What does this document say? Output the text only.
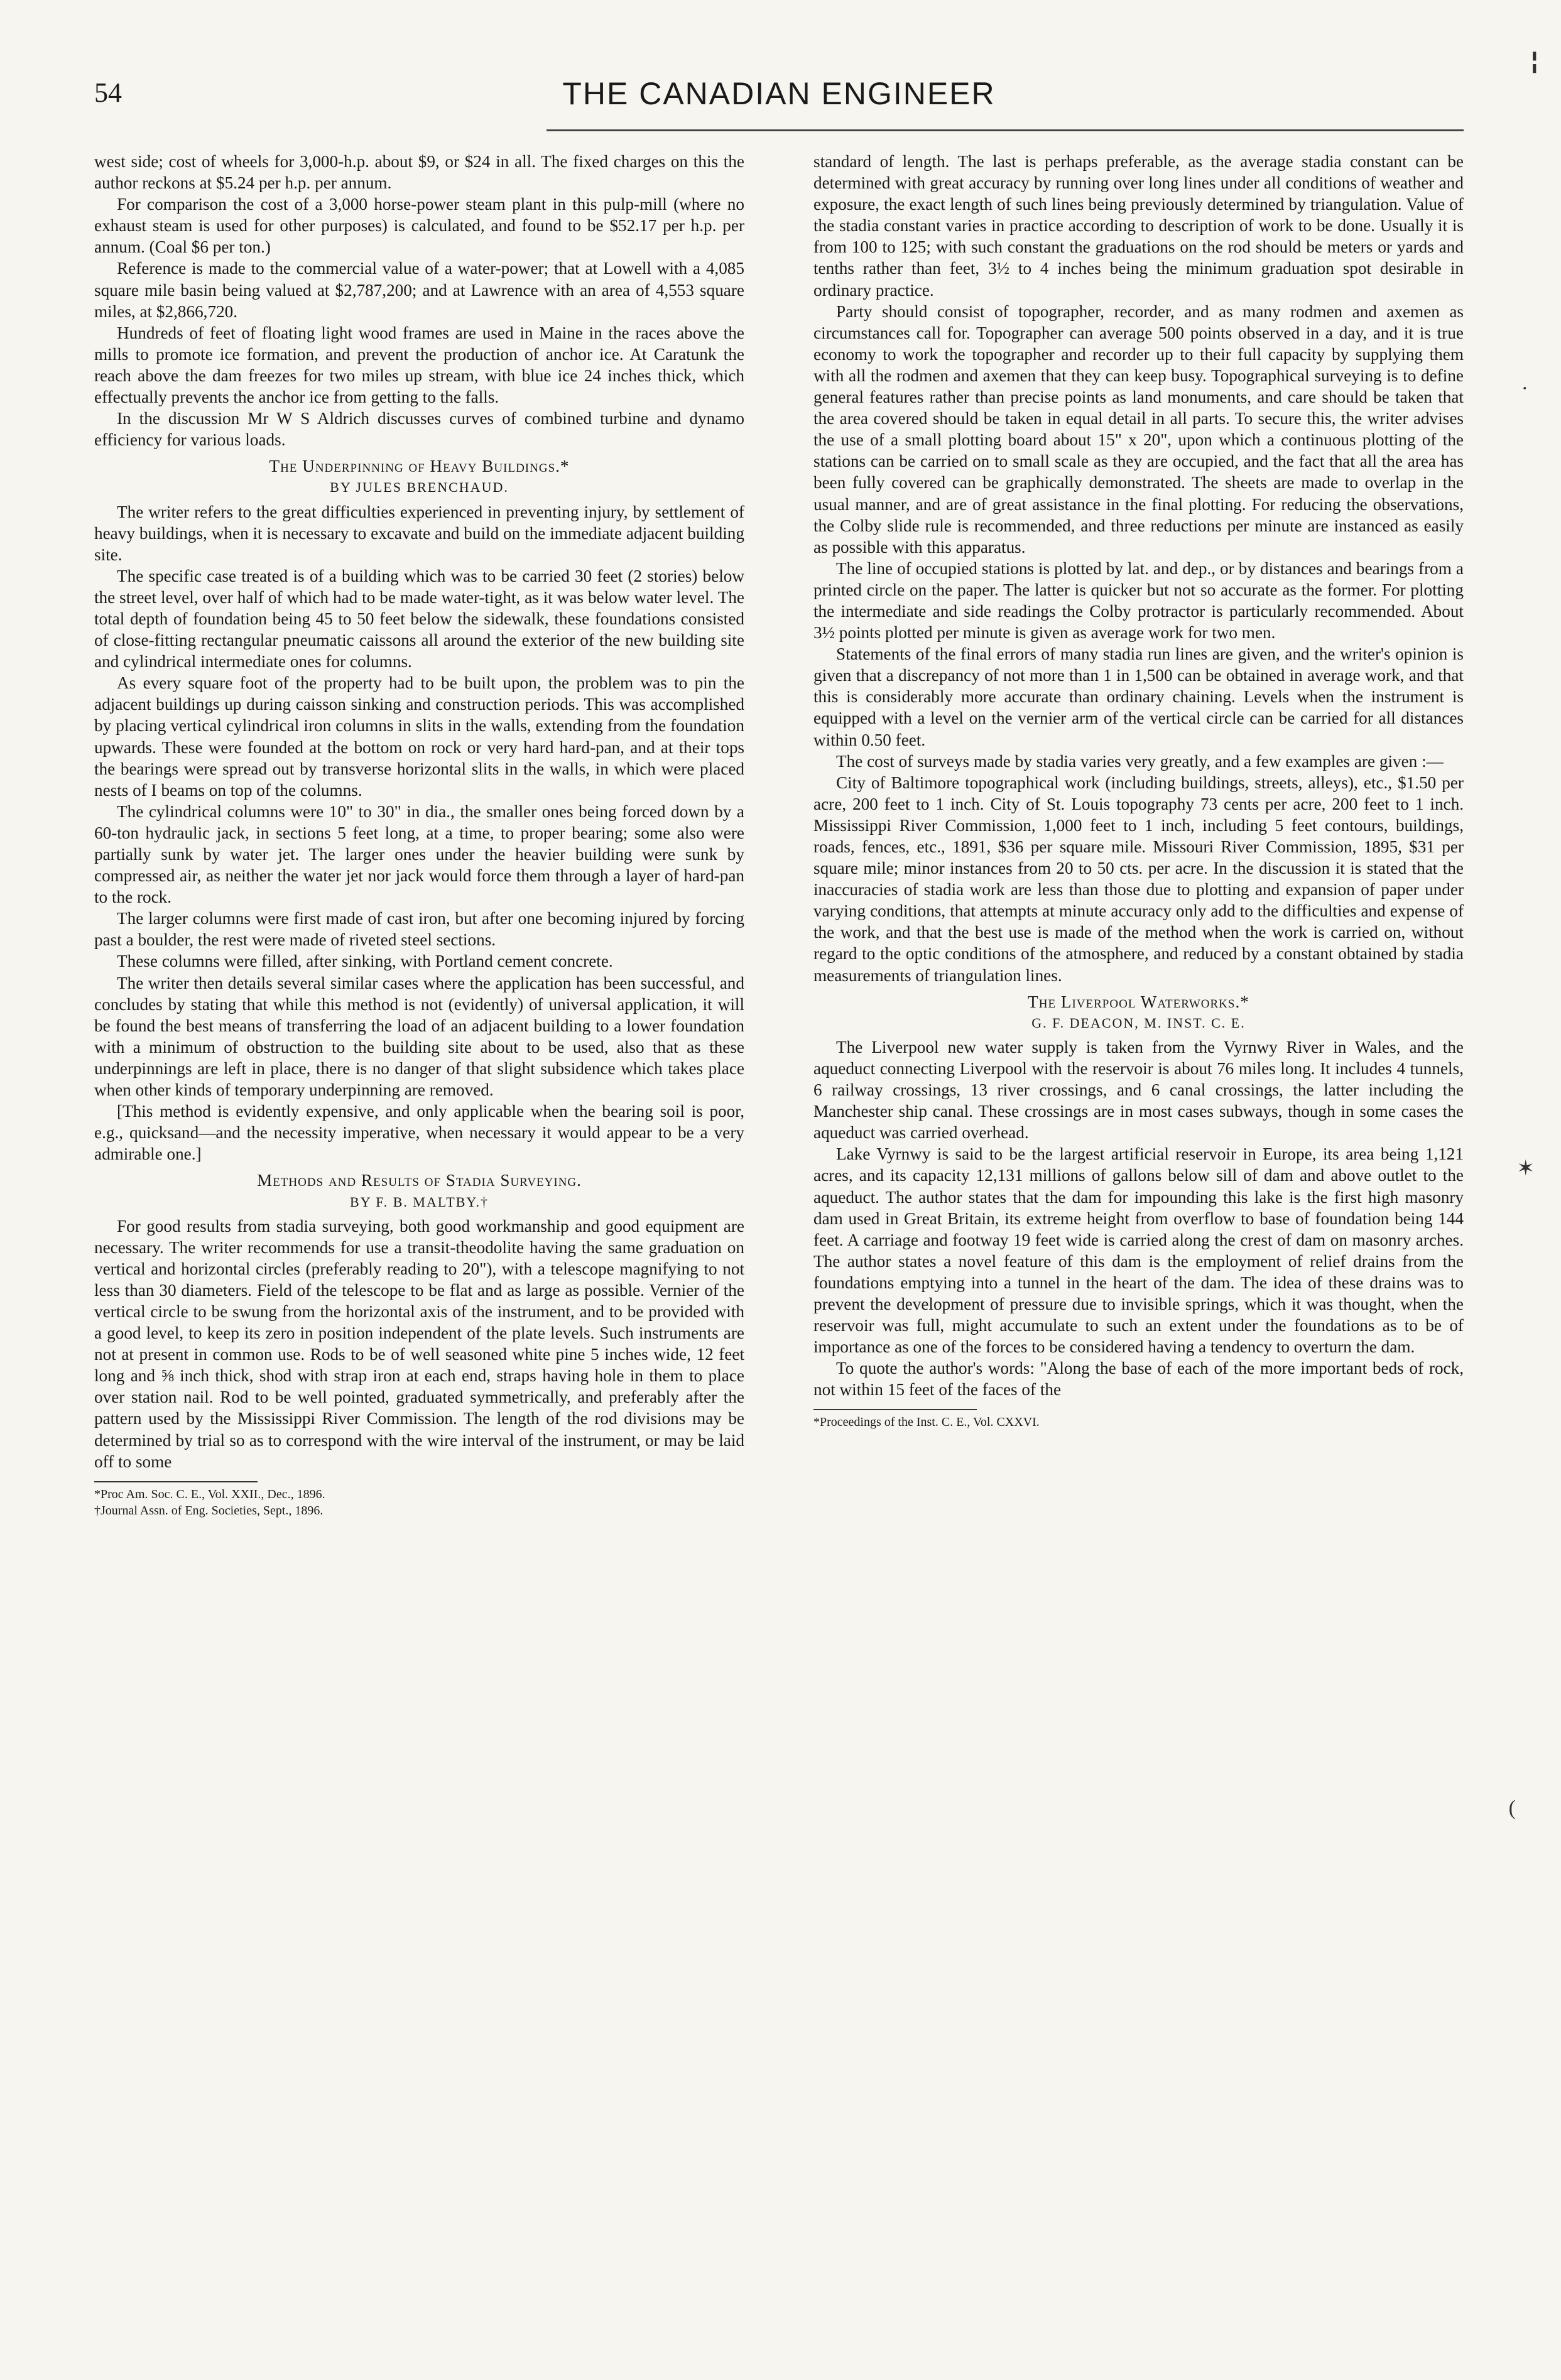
54	THE CANADIAN ENGINEER

west side; cost of wheels for 3,000-h.p. about $9, or $24 in all. The fixed charges on this the author reckons at $5.24 per h.p. per annum.

For comparison the cost of a 3,000 horse-power steam plant in this pulp-mill (where no exhaust steam is used for other purposes) is calculated, and found to be $52.17 per h.p. per annum. (Coal $6 per ton.)

Reference is made to the commercial value of a water-power; that at Lowell with a 4,085 square mile basin being valued at $2,787,200; and at Lawrence with an area of 4,553 square miles, at $2,866,720.

Hundreds of feet of floating light wood frames are used in Maine in the races above the mills to promote ice formation, and prevent the production of anchor ice. At Caratunk the reach above the dam freezes for two miles up stream, with blue ice 24 inches thick, which effectually prevents the anchor ice from getting to the falls.

In the discussion Mr W S Aldrich discusses curves of combined turbine and dynamo efficiency for various loads.

The Underpinning of Heavy Buildings.*

BY JULES BRENCHAUD.

The writer refers to the great difficulties experienced in preventing injury, by settlement of heavy buildings, when it is necessary to excavate and build on the immediate adjacent building site.

The specific case treated is of a building which was to be carried 30 feet (2 stories) below the street level, over half of which had to be made water-tight, as it was below water level. The total depth of foundation being 45 to 50 feet below the sidewalk, these foundations consisted of close-fitting rectangular pneumatic caissons all around the exterior of the new building site and cylindrical intermediate ones for columns.

As every square foot of the property had to be built upon, the problem was to pin the adjacent buildings up during caisson sinking and construction periods. This was accomplished by placing vertical cylindrical iron columns in slits in the walls, extending from the foundation upwards. These were founded at the bottom on rock or very hard hard-pan, and at their tops the bearings were spread out by transverse horizontal slits in the walls, in which were placed nests of I beams on top of the columns.

The cylindrical columns were 10" to 30" in dia., the smaller ones being forced down by a 60-ton hydraulic jack, in sections 5 feet long, at a time, to proper bearing; some also were partially sunk by water jet. The larger ones under the heavier building were sunk by compressed air, as neither the water jet nor jack would force them through a layer of hard-pan to the rock.

The larger columns were first made of cast iron, but after one becoming injured by forcing past a boulder, the rest were made of riveted steel sections.

These columns were filled, after sinking, with Portland cement concrete.

The writer then details several similar cases where the application has been successful, and concludes by stating that while this method is not (evidently) of universal application, it will be found the best means of transferring the load of an adjacent building to a lower foundation with a minimum of obstruction to the building site about to be used, also that as these underpinnings are left in place, there is no danger of that slight subsidence which takes place when other kinds of temporary underpinning are removed.

[This method is evidently expensive, and only applicable when the bearing soil is poor, e.g., quicksand—and the necessity imperative, when necessary it would appear to be a very admirable one.]

Methods and Results of Stadia Surveying.

BY F. B. MALTBY.†

For good results from stadia surveying, both good workmanship and good equipment are necessary. The writer recommends for use a transit-theodolite having the same graduation on vertical and horizontal circles (preferably reading to 20"), with a telescope magnifying to not less than 30 diameters. Field of the telescope to be flat and as large as possible. Vernier of the vertical circle to be swung from the horizontal axis of the instrument, and to be provided with a good level, to keep its zero in position independent of the plate levels. Such instruments are not at present in common use. Rods to be of well seasoned white pine 5 inches wide, 12 feet long and ⅝ inch thick, shod with strap iron at each end, straps having hole in them to place over station nail. Rod to be well pointed, graduated symmetrically, and preferably after the pattern used by the Mississippi River Commission. The length of the rod divisions may be determined by trial so as to correspond with the wire interval of the instrument, or may be laid off to some

*Proc Am. Soc. C. E., Vol. XXII., Dec., 1896.

†Journal Assn. of Eng. Societies, Sept., 1896.

standard of length. The last is perhaps preferable, as the average stadia constant can be determined with great accuracy by running over long lines under all conditions of weather and exposure, the exact length of such lines being previously determined by triangulation. Value of the stadia constant varies in practice according to description of work to be done. Usually it is from 100 to 125; with such constant the graduations on the rod should be meters or yards and tenths rather than feet, 3½ to 4 inches being the minimum graduation spot desirable in ordinary practice.

Party should consist of topographer, recorder, and as many rodmen and axemen as circumstances call for. Topographer can average 500 points observed in a day, and it is true economy to work the topographer and recorder up to their full capacity by supplying them with all the rodmen and axemen that they can keep busy. Topographical surveying is to define general features rather than precise points as land monuments, and care should be taken that the area covered should be taken in equal detail in all parts. To secure this, the writer advises the use of a small plotting board about 15" x 20", upon which a continuous plotting of the stations can be carried on to small scale as they are occupied, and the fact that all the area has been fully covered can be graphically demonstrated. The sheets are made to overlap in the usual manner, and are of great assistance in the final plotting. For reducing the observations, the Colby slide rule is recommended, and three reductions per minute are instanced as easily as possible with this apparatus.

The line of occupied stations is plotted by lat. and dep., or by distances and bearings from a printed circle on the paper. The latter is quicker but not so accurate as the former. For plotting the intermediate and side readings the Colby protractor is particularly recommended. About 3½ points plotted per minute is given as average work for two men.

Statements of the final errors of many stadia run lines are given, and the writer's opinion is given that a discrepancy of not more than 1 in 1,500 can be obtained in average work, and that this is considerably more accurate than ordinary chaining. Levels when the instrument is equipped with a level on the vernier arm of the vertical circle can be carried for all distances within 0.50 feet.

The cost of surveys made by stadia varies very greatly, and a few examples are given :—

City of Baltimore topographical work (including buildings, streets, alleys), etc., $1.50 per acre, 200 feet to 1 inch. City of St. Louis topography 73 cents per acre, 200 feet to 1 inch. Mississippi River Commission, 1,000 feet to 1 inch, including 5 feet contours, buildings, roads, fences, etc., 1891, $36 per square mile. Missouri River Commission, 1895, $31 per square mile; minor instances from 20 to 50 cts. per acre. In the discussion it is stated that the inaccuracies of stadia work are less than those due to plotting and expansion of paper under varying conditions, that attempts at minute accuracy only add to the difficulties and expense of the work, and that the best use is made of the method when the work is carried on, without regard to the optic conditions of the atmosphere, and reduced by a constant obtained by stadia measurements of triangulation lines.

The Liverpool Waterworks.*

G. F. DEACON, M. INST. C. E.

The Liverpool new water supply is taken from the Vyrnwy River in Wales, and the aqueduct connecting Liverpool with the reservoir is about 76 miles long. It includes 4 tunnels, 6 railway crossings, 13 river crossings, and 6 canal crossings, the latter including the Manchester ship canal. These crossings are in most cases subways, though in some cases the aqueduct was carried overhead.

Lake Vyrnwy is said to be the largest artificial reservoir in Europe, its area being 1,121 acres, and its capacity 12,131 millions of gallons below sill of dam and above outlet to the aqueduct. The author states that the dam for impounding this lake is the first high masonry dam used in Great Britain, its extreme height from overflow to base of foundation being 144 feet. A carriage and footway 19 feet wide is carried along the crest of dam on masonry arches. The author states a novel feature of this dam is the employment of relief drains from the foundations emptying into a tunnel in the heart of the dam. The idea of these drains was to prevent the development of pressure due to invisible springs, which it was thought, when the reservoir was full, might accumulate to such an extent under the foundations as to be of importance as one of the forces to be considered having a tendency to overturn the dam.

To quote the author's words: "Along the base of each of the more important beds of rock, not within 15 feet of the faces of the

*Proceedings of the Inst. C. E., Vol. CXXVI.

╏
·
✶
(
